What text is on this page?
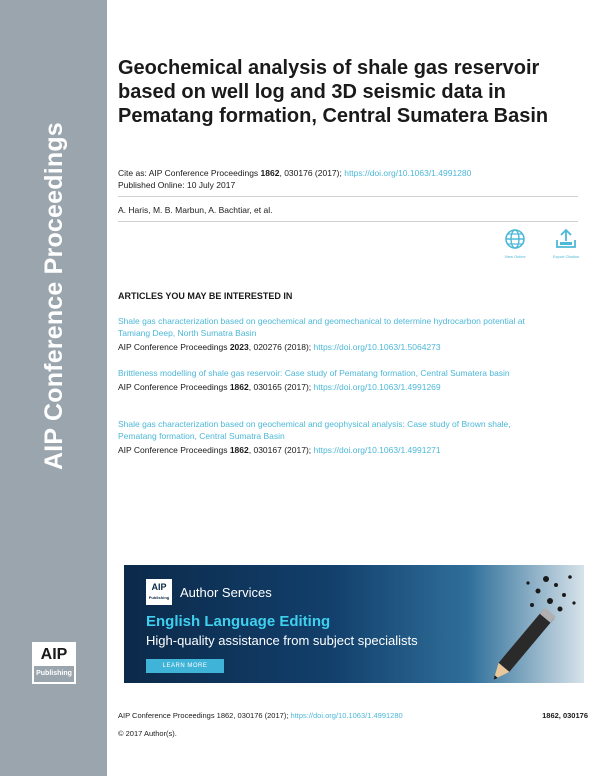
AIP Conference Proceedings
AIP
Publishing
Geochemical analysis of shale gas reservoir based on well log and 3D seismic data in Pematang formation, Central Sumatera Basin
Cite as: AIP Conference Proceedings 1862, 030176 (2017); https://doi.org/10.1063/1.4991280
Published Online: 10 July 2017
A. Haris, M. B. Marbun, A. Bachtiar, et al.
View Online	Export Citation
ARTICLES YOU MAY BE INTERESTED IN
Shale gas characterization based on geochemical and geomechanical to determine hydrocarbon potential at Tamiang Deep, North Sumatra Basin
AIP Conference Proceedings 2023, 020276 (2018); https://doi.org/10.1063/1.5064273
Brittleness modelling of shale gas reservoir: Case study of Pematang formation, Central Sumatera basin
AIP Conference Proceedings 1862, 030165 (2017); https://doi.org/10.1063/1.4991269
Shale gas characterization based on geochemical and geophysical analysis: Case study of Brown shale, Pematang formation, Central Sumatra Basin
AIP Conference Proceedings 1862, 030167 (2017); https://doi.org/10.1063/1.4991271
AIP
Publishing Author Services
English Language Editing
High-quality assistance from subject specialists
LEARN MORE
AIP Conference Proceedings 1862, 030176 (2017); https://doi.org/10.1063/1.4991280	1862, 030176
© 2017 Author(s).
